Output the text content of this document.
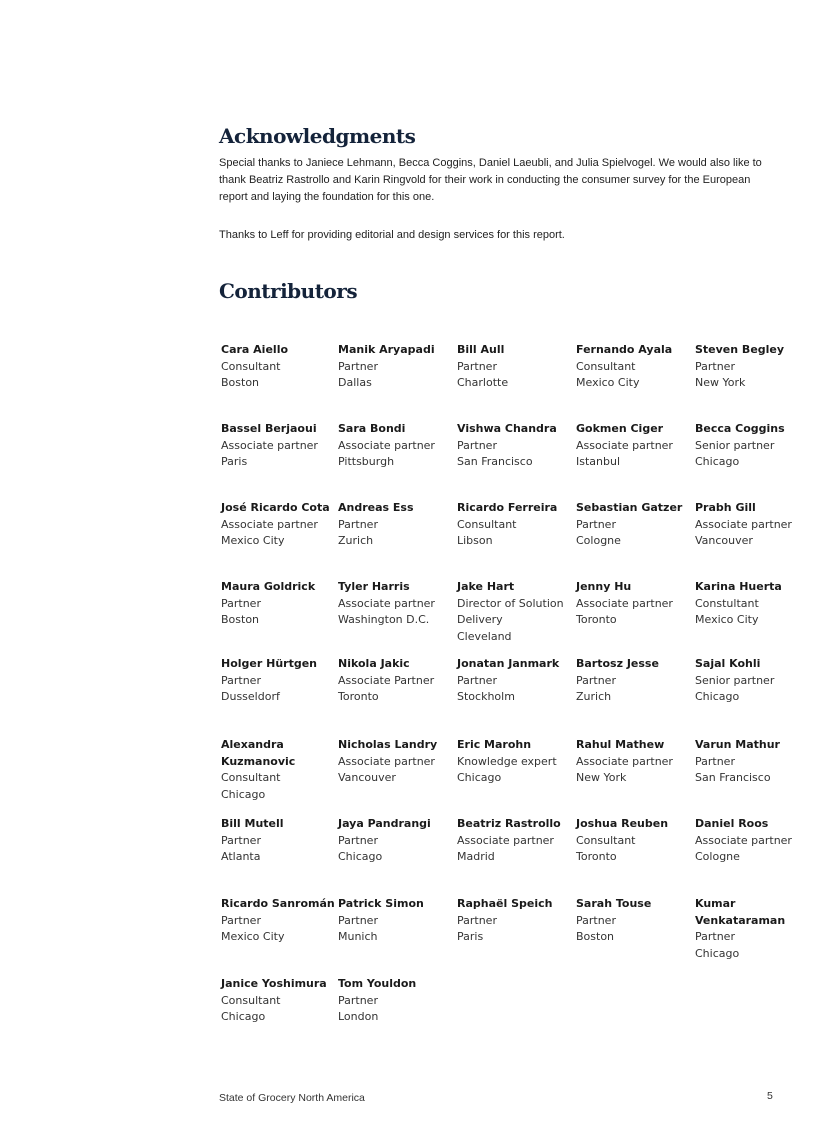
Acknowledgments

Special thanks to Janiece Lehmann, Becca Coggins, Daniel Laeubli, and Julia Spielvogel. We would also like to thank Beatriz Rastrollo and Karin Ringvold for their work in conducting the consumer survey for the European report and laying the foundation for this one.

Thanks to Leff for providing editorial and design services for this report.

Contributors
Cara Aiello
Consultant
Boston
Manik Aryapadi
Partner
Dallas
Bill Aull
Partner
Charlotte
Fernando Ayala
Consultant
Mexico City
Steven Begley
Partner
New York
Bassel Berjaoui
Associate partner
Paris
Sara Bondi
Associate partner
Pittsburgh
Vishwa Chandra
Partner
San Francisco
Gokmen Ciger
Associate partner
Istanbul
Becca Coggins
Senior partner
Chicago
José Ricardo Cota
Associate partner
Mexico City
Andreas Ess
Partner
Zurich
Ricardo Ferreira
Consultant
Libson
Sebastian Gatzer
Partner
Cologne
Prabh Gill
Associate partner
Vancouver
Maura Goldrick
Partner
Boston
Tyler Harris
Associate partner
Washington D.C.
Jake Hart
Director of Solution Delivery
Cleveland
Jenny Hu
Associate partner
Toronto
Karina Huerta
Constultant
Mexico City
Holger Hürtgen
Partner
Dusseldorf
Nikola Jakic
Associate Partner
Toronto
Jonatan Janmark
Partner
Stockholm
Bartosz Jesse
Partner
Zurich
Sajal Kohli
Senior partner
Chicago
Alexandra Kuzmanovic
Consultant
Chicago
Nicholas Landry
Associate partner
Vancouver
Eric Marohn
Knowledge expert
Chicago
Rahul Mathew
Associate partner
New York
Varun Mathur
Partner
San Francisco
Bill Mutell
Partner
Atlanta
Jaya Pandrangi
Partner
Chicago
Beatriz Rastrollo
Associate partner
Madrid
Joshua Reuben
Consultant
Toronto
Daniel Roos
Associate partner
Cologne
Ricardo Sanromán
Partner
Mexico City
Patrick Simon
Partner
Munich
Raphaël Speich
Partner
Paris
Sarah Touse
Partner
Boston
Kumar Venkataraman
Partner
Chicago
Janice Yoshimura
Consultant
Chicago
Tom Youldon
Partner
London
State of Grocery North America	5
